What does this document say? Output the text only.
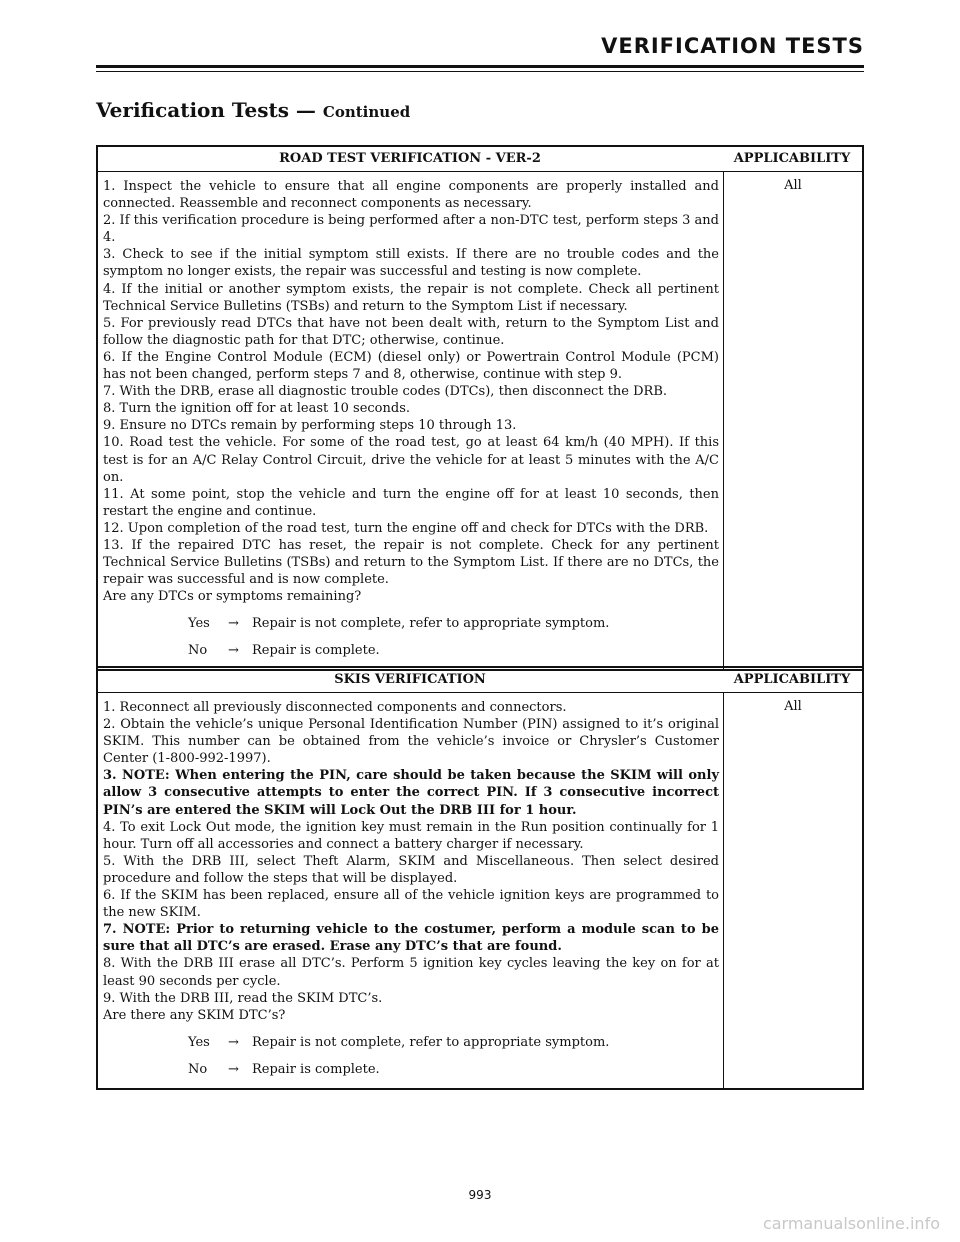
VERIFICATION TESTS
Verification Tests — Continued
ROAD TEST VERIFICATION - VER-2	APPLICABILITY

1. Inspect the vehicle to ensure that all engine components are properly installed and connected. Reassemble and reconnect components as necessary.

2. If this verification procedure is being performed after a non-DTC test, perform steps 3 and 4.

3. Check to see if the initial symptom still exists. If there are no trouble codes and the symptom no longer exists, the repair was successful and testing is now complete.

4. If the initial or another symptom exists, the repair is not complete. Check all pertinent Technical Service Bulletins (TSBs) and return to the Symptom List if necessary.

5. For previously read DTCs that have not been dealt with, return to the Symptom List and follow the diagnostic path for that DTC; otherwise, continue.

6. If the Engine Control Module (ECM) (diesel only) or Powertrain Control Module (PCM) has not been changed, perform steps 7 and 8, otherwise, continue with step 9.

7. With the DRB, erase all diagnostic trouble codes (DTCs), then disconnect the DRB.

8. Turn the ignition off for at least 10 seconds.

9. Ensure no DTCs remain by performing steps 10 through 13.

10. Road test the vehicle. For some of the road test, go at least 64 km/h (40 MPH). If this test is for an A/C Relay Control Circuit, drive the vehicle for at least 5 minutes with the A/C on.

11. At some point, stop the vehicle and turn the engine off for at least 10 seconds, then restart the engine and continue.

12. Upon completion of the road test, turn the engine off and check for DTCs with the DRB.

13. If the repaired DTC has reset, the repair is not complete. Check for any pertinent Technical Service Bulletins (TSBs) and return to the Symptom List. If there are no DTCs, the repair was successful and is now complete.

Are any DTCs or symptoms remaining?

Yes	→	Repair is not complete, refer to appropriate symptom.
No	→	Repair is complete.
All
SKIS VERIFICATION	APPLICABILITY

1. Reconnect all previously disconnected components and connectors.

2. Obtain the vehicle’s unique Personal Identification Number (PIN) assigned to it’s original SKIM. This number can be obtained from the vehicle’s invoice or Chrysler’s Customer Center (1-800-992-1997).

3. NOTE: When entering the PIN, care should be taken because the SKIM will only allow 3 consecutive attempts to enter the correct PIN. If 3 consecutive incorrect PIN’s are entered the SKIM will Lock Out the DRB III for 1 hour.

4. To exit Lock Out mode, the ignition key must remain in the Run position continually for 1 hour. Turn off all accessories and connect a battery charger if necessary.

5. With the DRB III, select Theft Alarm, SKIM and Miscellaneous. Then select desired procedure and follow the steps that will be displayed.

6. If the SKIM has been replaced, ensure all of the vehicle ignition keys are programmed to the new SKIM.

7. NOTE: Prior to returning vehicle to the costumer, perform a module scan to be sure that all DTC’s are erased. Erase any DTC’s that are found.

8. With the DRB III erase all DTC’s. Perform 5 ignition key cycles leaving the key on for at least 90 seconds per cycle.

9. With the DRB III, read the SKIM DTC’s.

Are there any SKIM DTC’s?

Yes	→	Repair is not complete, refer to appropriate symptom.
No	→	Repair is complete.
All

993

carmanualsonline.info
